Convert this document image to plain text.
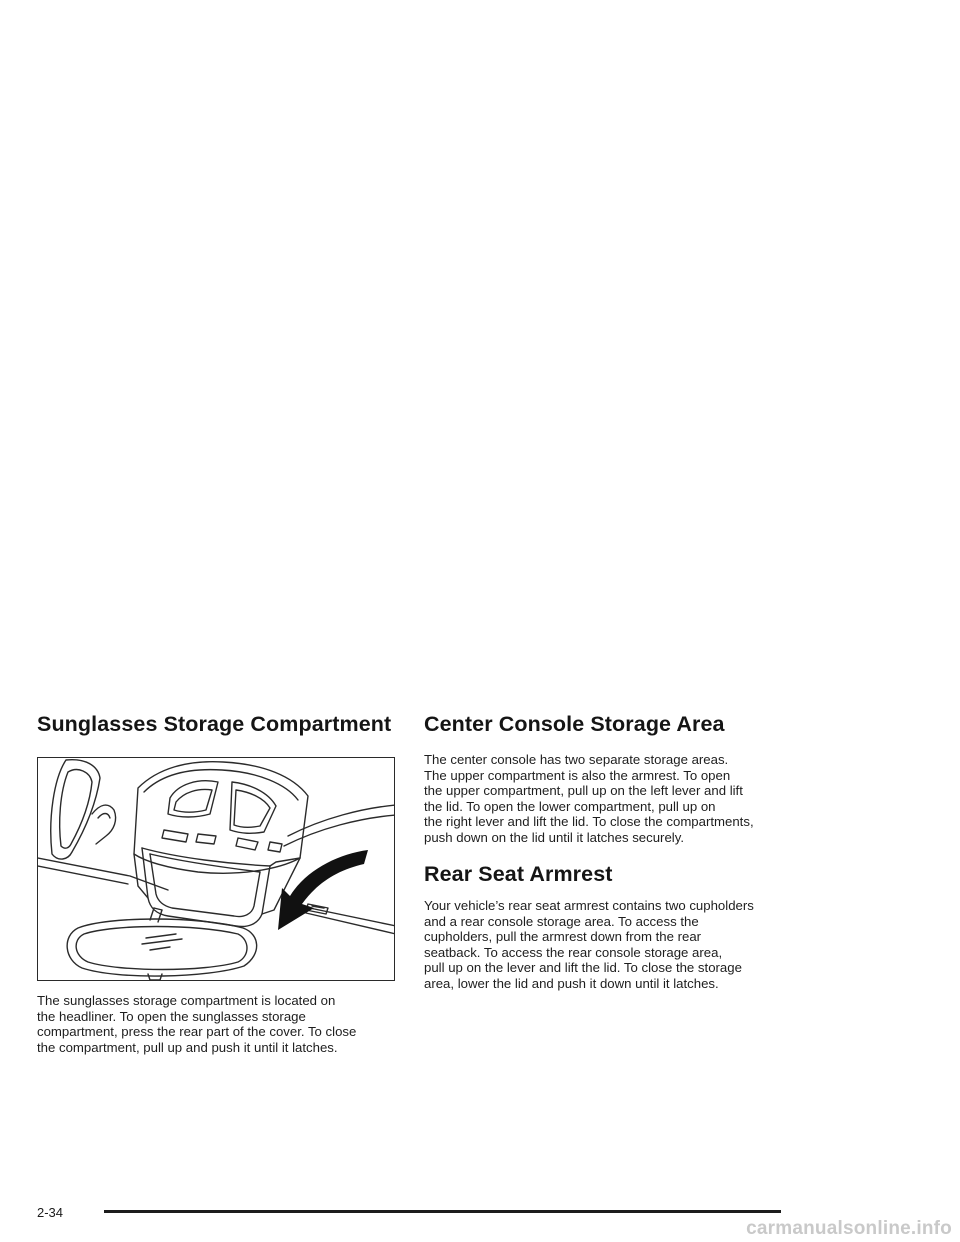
Sunglasses Storage Compartment

The sunglasses storage compartment is located on
the headliner. To open the sunglasses storage
compartment, press the rear part of the cover. To close
the compartment, pull up and push it until it latches.

Center Console Storage Area

The center console has two separate storage areas.
The upper compartment is also the armrest. To open
the upper compartment, pull up on the left lever and lift
the lid. To open the lower compartment, pull up on
the right lever and lift the lid. To close the compartments,
push down on the lid until it latches securely.

Rear Seat Armrest

Your vehicle’s rear seat armrest contains two cupholders
and a rear console storage area. To access the
cupholders, pull the armrest down from the rear
seatback. To access the rear console storage area,
pull up on the lever and lift the lid. To close the storage
area, lower the lid and push it down until it latches.

2-34
carmanualsonline.info
